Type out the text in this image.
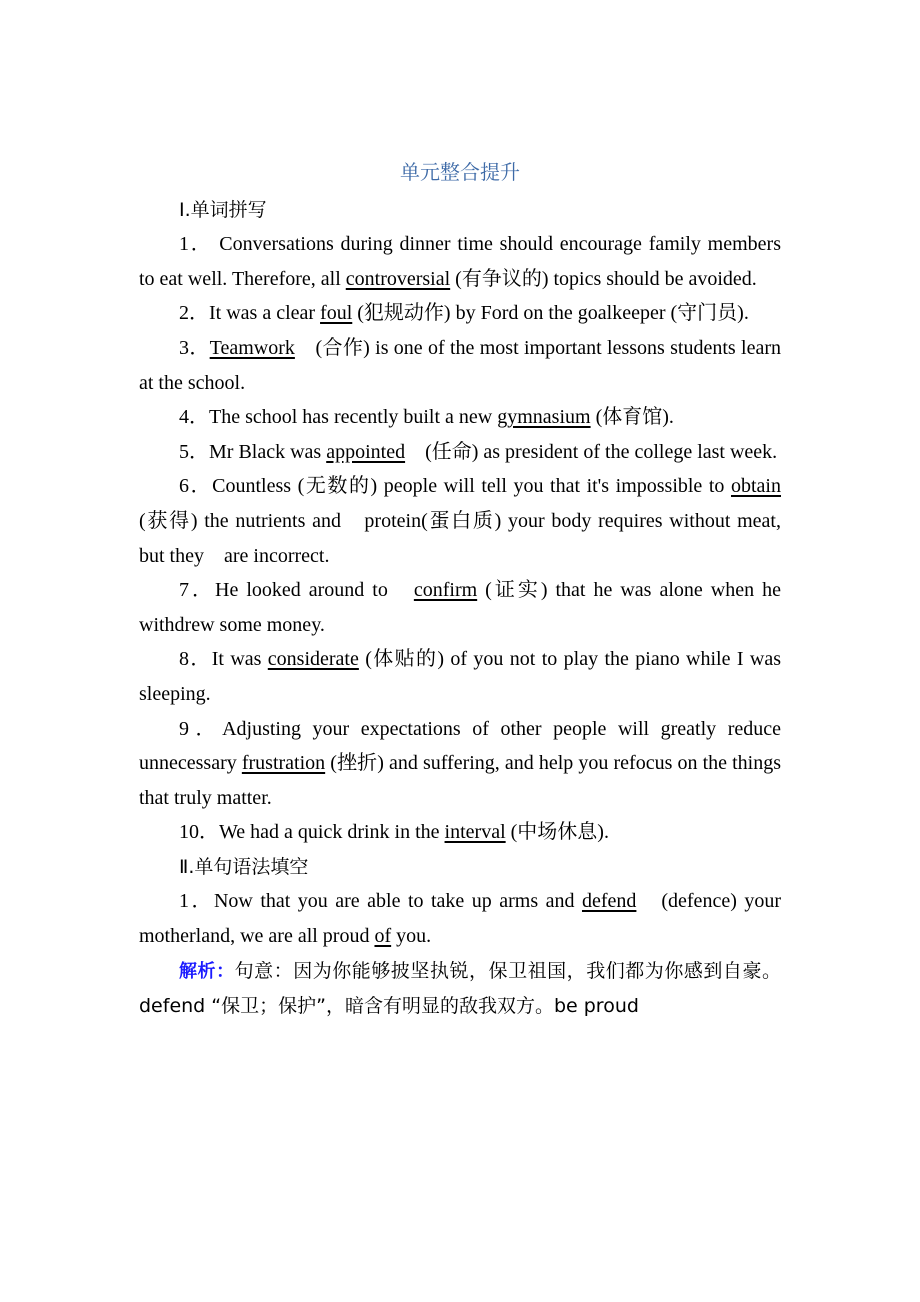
单元整合提升
Ⅰ.单词拼写
1． Conversations during dinner time should encourage family members to eat well. Therefore, all controversial (有争议的) topics should be avoided.
2．It was a clear foul (犯规动作) by Ford on the goalkeeper (守门员).
3．Teamwork　(合作) is one of the most important lessons students learn at the school.
4．The school has recently built a new gymnasium (体育馆).
5．Mr Black was appointed　(任命) as president of the college last week.
6．Countless (无数的) people will tell you that it's impossible to obtain (获得) the nutrients and　protein(蛋白质) your body requires without meat, but they　are incorrect.
7．He looked around to　confirm (证实) that he was alone when he withdrew some money.
8．It was considerate (体贴的) of you not to play the piano while I was sleeping.
9．Adjusting your expectations of other people will greatly reduce unnecessary frustration (挫折) and suffering, and help you refocus on the things that truly matter.
10．We had a quick drink in the interval (中场休息).
Ⅱ.单句语法填空
1．Now that you are able to take up arms and defend　(defence) your motherland, we are all proud of you.
解析：句意：因为你能够披坚执锐，保卫祖国，我们都为你感到自豪。defend “保卫；保护”，暗含有明显的敌我双方。be proud
